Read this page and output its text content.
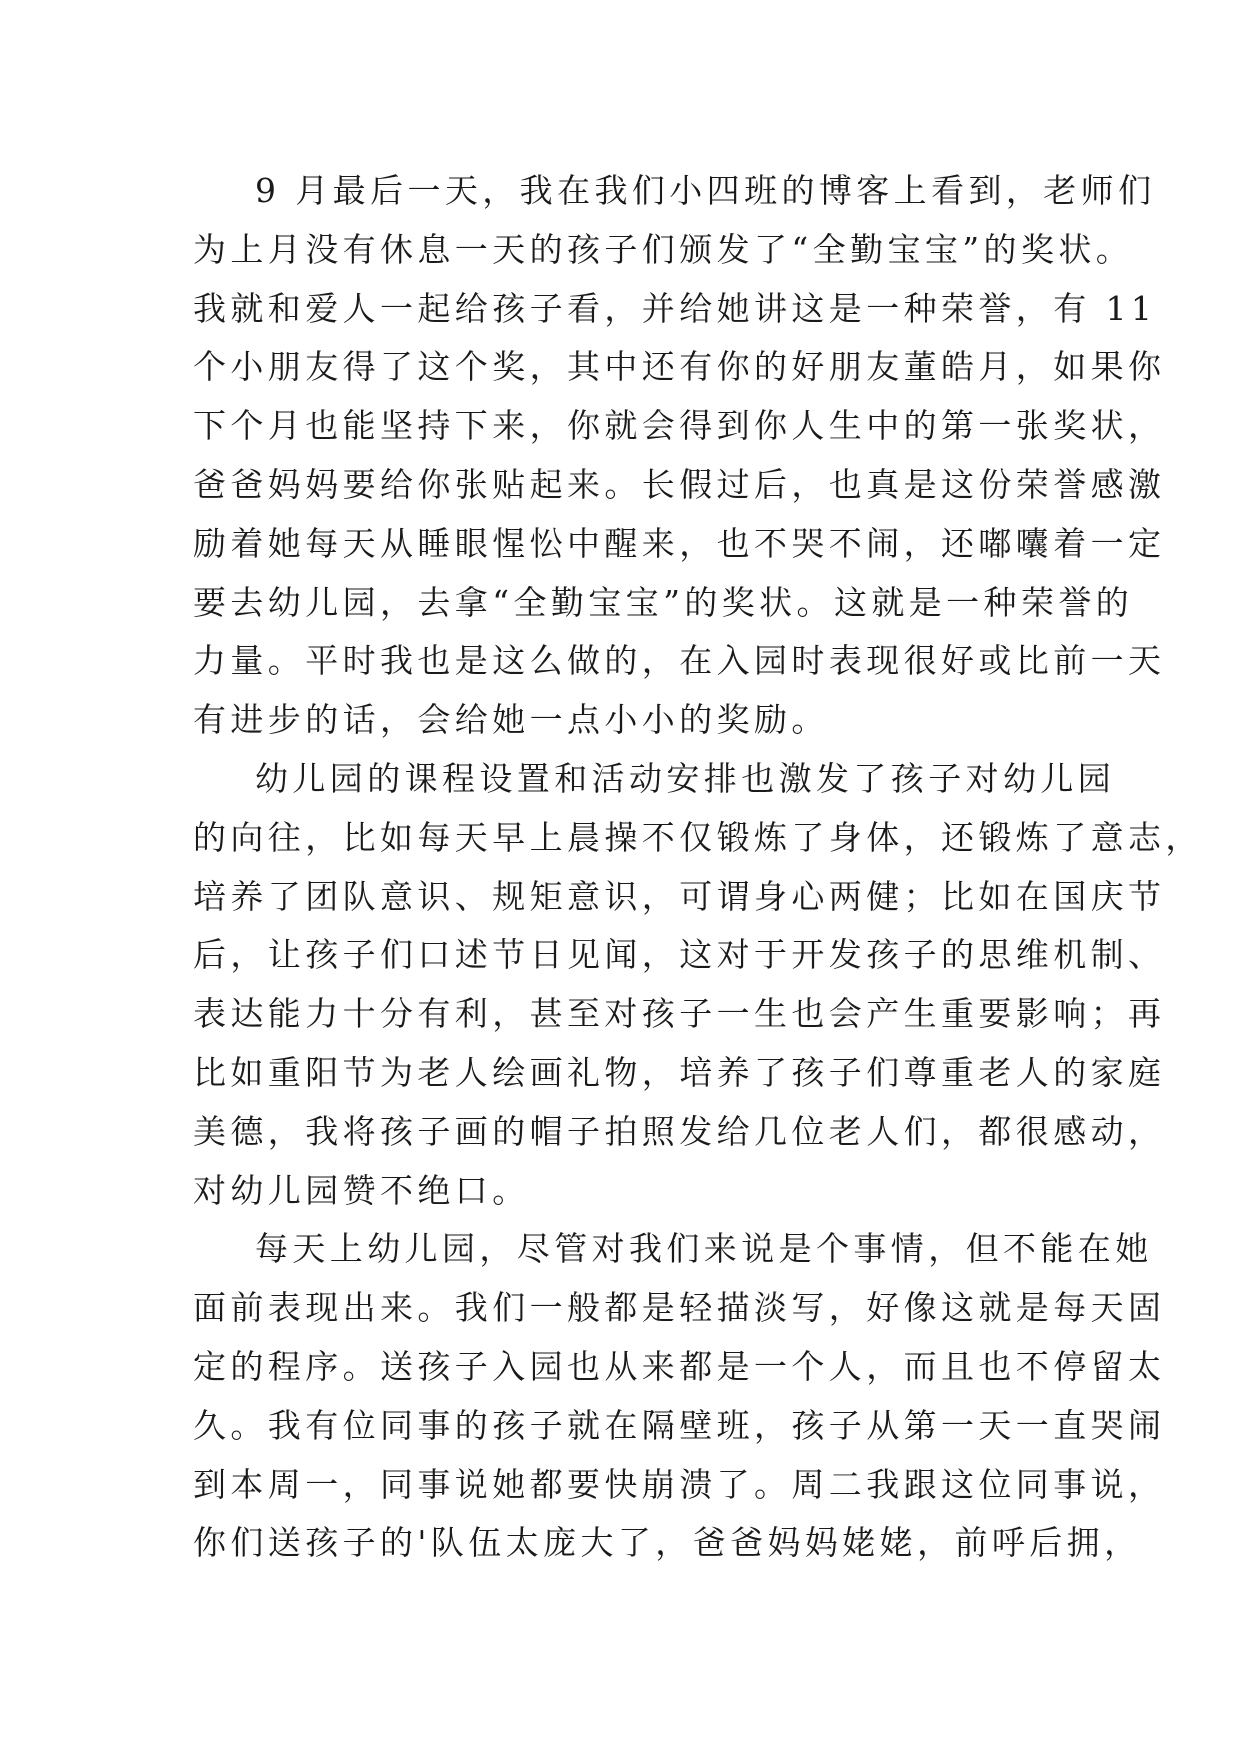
9 月最后一天，我在我们小四班的博客上看到，老师们
为上月没有休息一天的孩子们颁发了“全勤宝宝”的奖状。
我就和爱人一起给孩子看，并给她讲这是一种荣誉，有 11
个小朋友得了这个奖，其中还有你的好朋友董皓月，如果你
下个月也能坚持下来，你就会得到你人生中的第一张奖状，
爸爸妈妈要给你张贴起来。长假过后，也真是这份荣誉感激
励着她每天从睡眼惺忪中醒来，也不哭不闹，还嘟囔着一定
要去幼儿园，去拿“全勤宝宝”的奖状。这就是一种荣誉的
力量。平时我也是这么做的，在入园时表现很好或比前一天
有进步的话，会给她一点小小的奖励。
幼儿园的课程设置和活动安排也激发了孩子对幼儿园
的向往，比如每天早上晨操不仅锻炼了身体，还锻炼了意志，
培养了团队意识、规矩意识，可谓身心两健；比如在国庆节
后，让孩子们口述节日见闻，这对于开发孩子的思维机制、
表达能力十分有利，甚至对孩子一生也会产生重要影响；再
比如重阳节为老人绘画礼物，培养了孩子们尊重老人的家庭
美德，我将孩子画的帽子拍照发给几位老人们，都很感动，
对幼儿园赞不绝口。
每天上幼儿园，尽管对我们来说是个事情，但不能在她
面前表现出来。我们一般都是轻描淡写，好像这就是每天固
定的程序。送孩子入园也从来都是一个人，而且也不停留太
久。我有位同事的孩子就在隔壁班，孩子从第一天一直哭闹
到本周一，同事说她都要快崩溃了。周二我跟这位同事说，
你们送孩子的'队伍太庞大了，爸爸妈妈姥姥，前呼后拥，
